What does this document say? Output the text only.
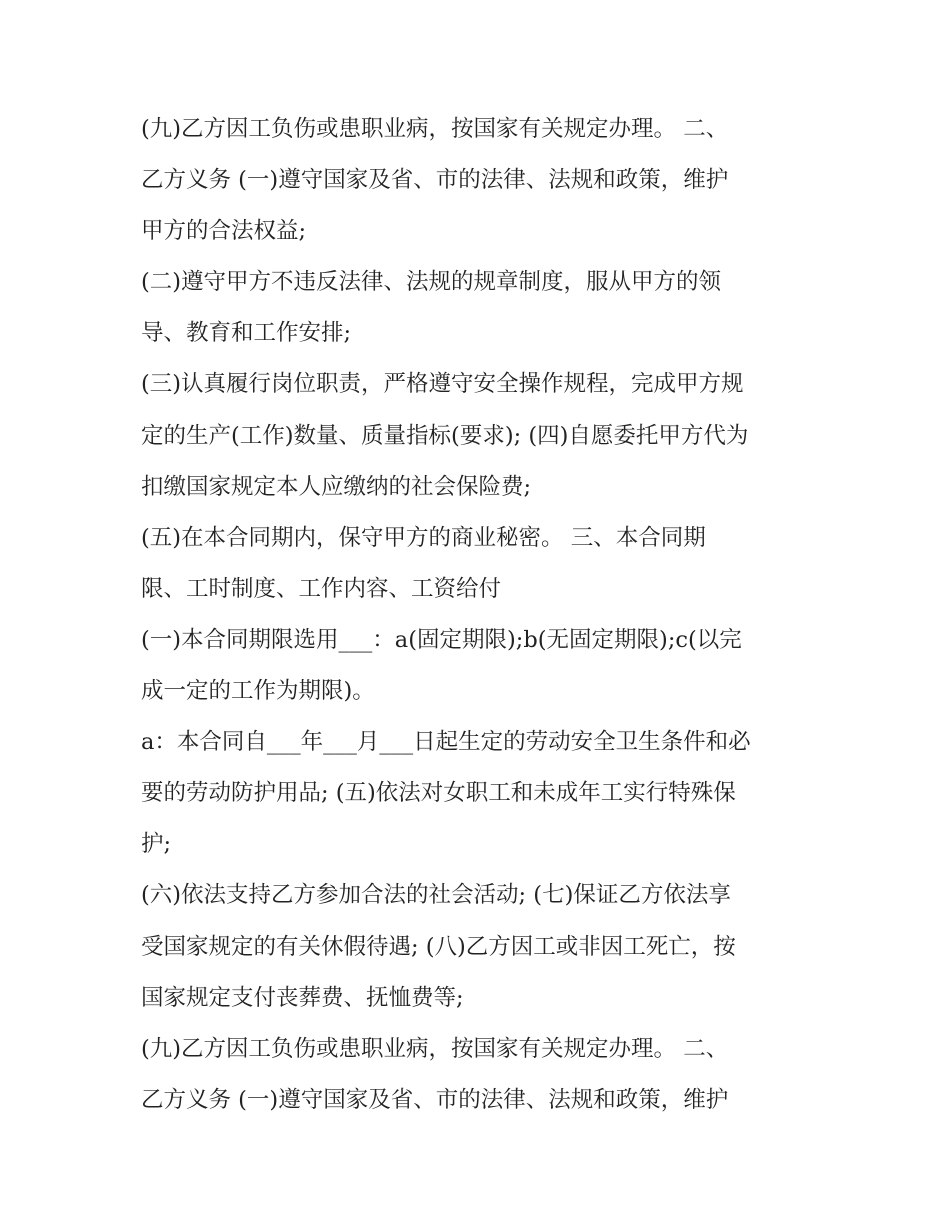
(九)乙方因工负伤或患职业病，按国家有关规定办理。 二、
乙方义务 (一)遵守国家及省、市的法律、法规和政策，维护
甲方的合法权益;
(二)遵守甲方不违反法律、法规的规章制度，服从甲方的领
导、教育和工作安排;
(三)认真履行岗位职责，严格遵守安全操作规程，完成甲方规
定的生产(工作)数量、质量指标(要求); (四)自愿委托甲方代为
扣缴国家规定本人应缴纳的社会保险费;
(五)在本合同期内，保守甲方的商业秘密。 三、本合同期
限、工时制度、工作内容、工资给付
(一)本合同期限选用___：a(固定期限);b(无固定期限);c(以完
成一定的工作为期限)。
a：本合同自___年___月___日起生定的劳动安全卫生条件和必
要的劳动防护用品; (五)依法对女职工和未成年工实行特殊保
护;
(六)依法支持乙方参加合法的社会活动; (七)保证乙方依法享
受国家规定的有关休假待遇; (八)乙方因工或非因工死亡，按
国家规定支付丧葬费、抚恤费等;
(九)乙方因工负伤或患职业病，按国家有关规定办理。 二、
乙方义务 (一)遵守国家及省、市的法律、法规和政策，维护
